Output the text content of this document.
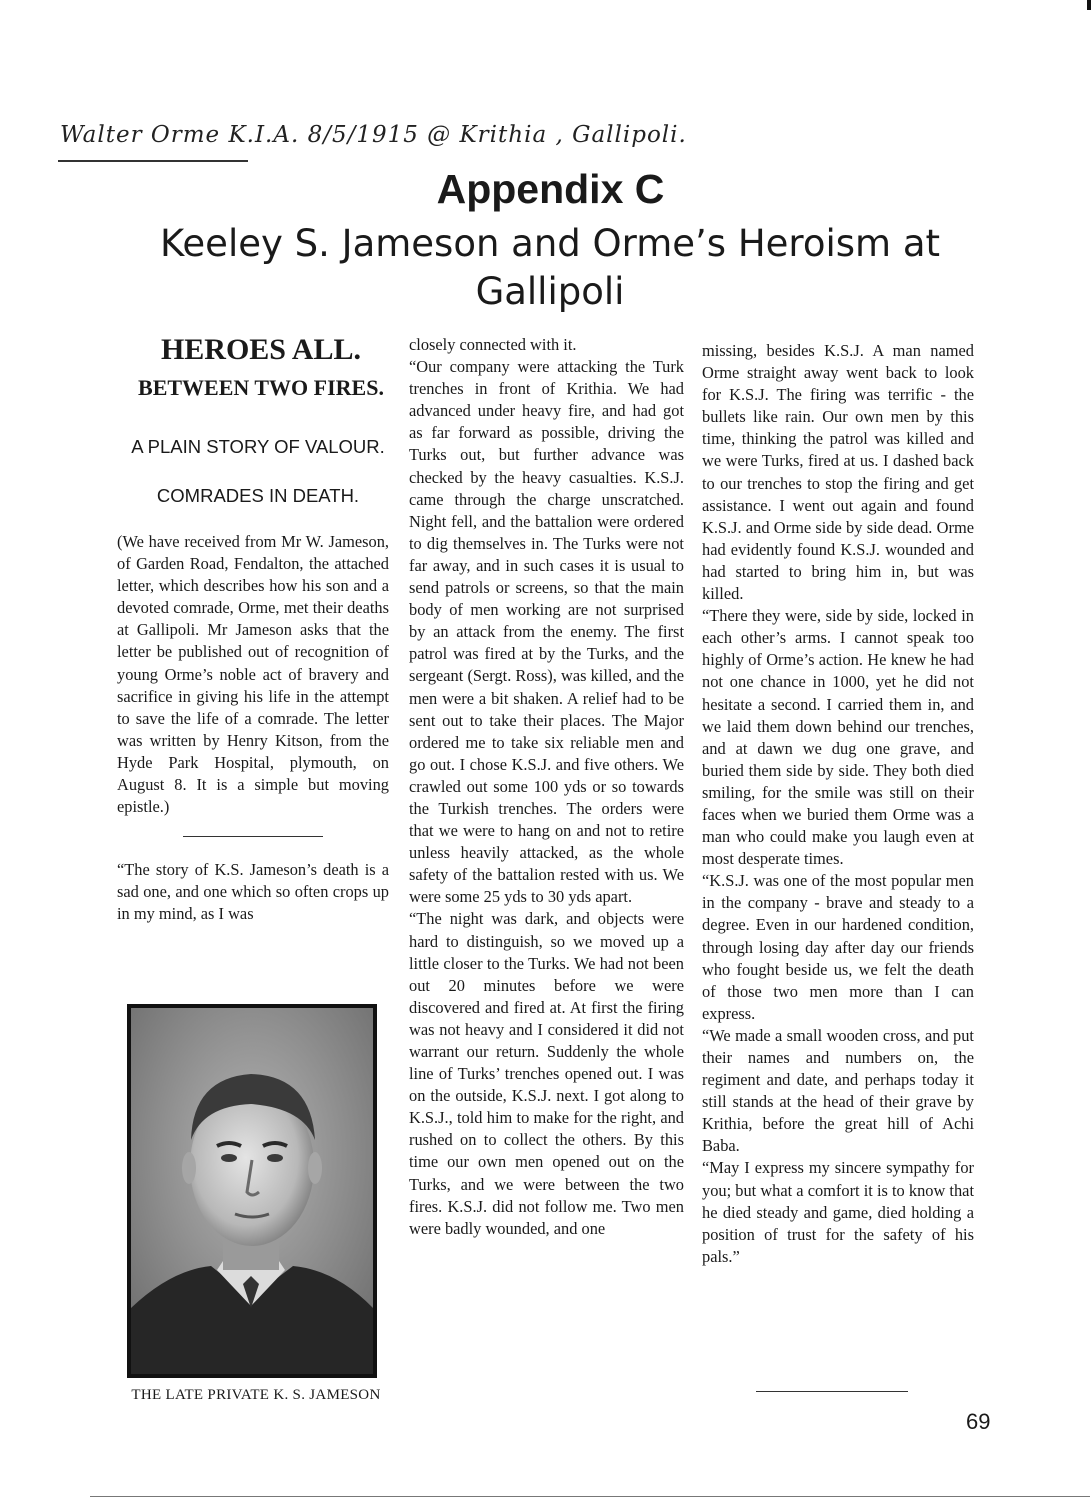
Walter Orme K.I.A. 8/5/1915 @ Krithia , Gallipoli.
Appendix C
Keeley S. Jameson and Orme’s Heroism at Gallipoli
HEROES ALL.
BETWEEN TWO FIRES.
A PLAIN STORY OF VALOUR.
COMRADES IN DEATH.

(We have received from Mr W. Jameson, of Garden Road, Fendalton, the attached letter, which describes how his son and a devoted comrade, Orme, met their deaths at Gallipoli. Mr Jameson asks that the letter be published out of recognition of young Orme’s noble act of bravery and sacrifice in giving his life in the attempt to save the life of a comrade. The letter was written by Henry Kitson, from the Hyde Park Hospital, plymouth, on August 8. It is a simple but moving epistle.)

“The story of K.S. Jameson’s death is a sad one, and one which so often crops up in my mind, as I was

THE LATE PRIVATE K. S. JAMESON

closely connected with it.

“Our company were attacking the Turk trenches in front of Krithia. We had advanced under heavy fire, and had got as far forward as possible, driving the Turks out, but further advance was checked by the heavy casualties. K.S.J. came through the charge unscratched. Night fell, and the battalion were ordered to dig themselves in. The Turks were not far away, and in such cases it is usual to send patrols or screens, so that the main body of men working are not surprised by an attack from the enemy. The first patrol was fired at by the Turks, and the sergeant (Sergt. Ross), was killed, and the men were a bit shaken. A relief had to be sent out to take their places. The Major ordered me to take six reliable men and go out. I chose K.S.J. and five others. We crawled out some 100 yds or so towards the Turkish trenches. The orders were that we were to hang on and not to retire unless heavily attacked, as the whole safety of the battalion rested with us. We were some 25 yds to 30 yds apart.

“The night was dark, and objects were hard to distinguish, so we moved up a little closer to the Turks. We had not been out 20 minutes before we were discovered and fired at. At first the firing was not heavy and I considered it did not warrant our return. Suddenly the whole line of Turks’ trenches opened out. I was on the outside, K.S.J. next. I got along to K.S.J., told him to make for the right, and rushed on to collect the others. By this time our own men opened out on the Turks, and we were between the two fires. K.S.J. did not follow me. Two men were badly wounded, and one

missing, besides K.S.J. A man named Orme straight away went back to look for K.S.J. The firing was terrific - the bullets like rain. Our own men by this time, thinking the patrol was killed and we were Turks, fired at us. I dashed back to our trenches to stop the firing and get assistance. I went out again and found K.S.J. and Orme side by side dead. Orme had evidently found K.S.J. wounded and had started to bring him in, but was killed.

“There they were, side by side, locked in each other’s arms. I cannot speak too highly of Orme’s action. He knew he had not one chance in 1000, yet he did not hesitate a second. I carried them in, and we laid them down behind our trenches, and at dawn we dug one grave, and buried them side by side. They both died smiling, for the smile was still on their faces when we buried them Orme was a man who could make you laugh even at most desperate times.

“K.S.J. was one of the most popular men in the company - brave and steady to a degree. Even in our hardened condition, through losing day after day our friends who fought beside us, we felt the death of those two men more than I can express.

“We made a small wooden cross, and put their names and numbers on, the regiment and date, and perhaps today it still stands at the head of their grave by Krithia, before the great hill of Achi Baba.

“May I express my sincere sympathy for you; but what a comfort it is to know that he died steady and game, died holding a position of trust for the safety of his pals.”

69
